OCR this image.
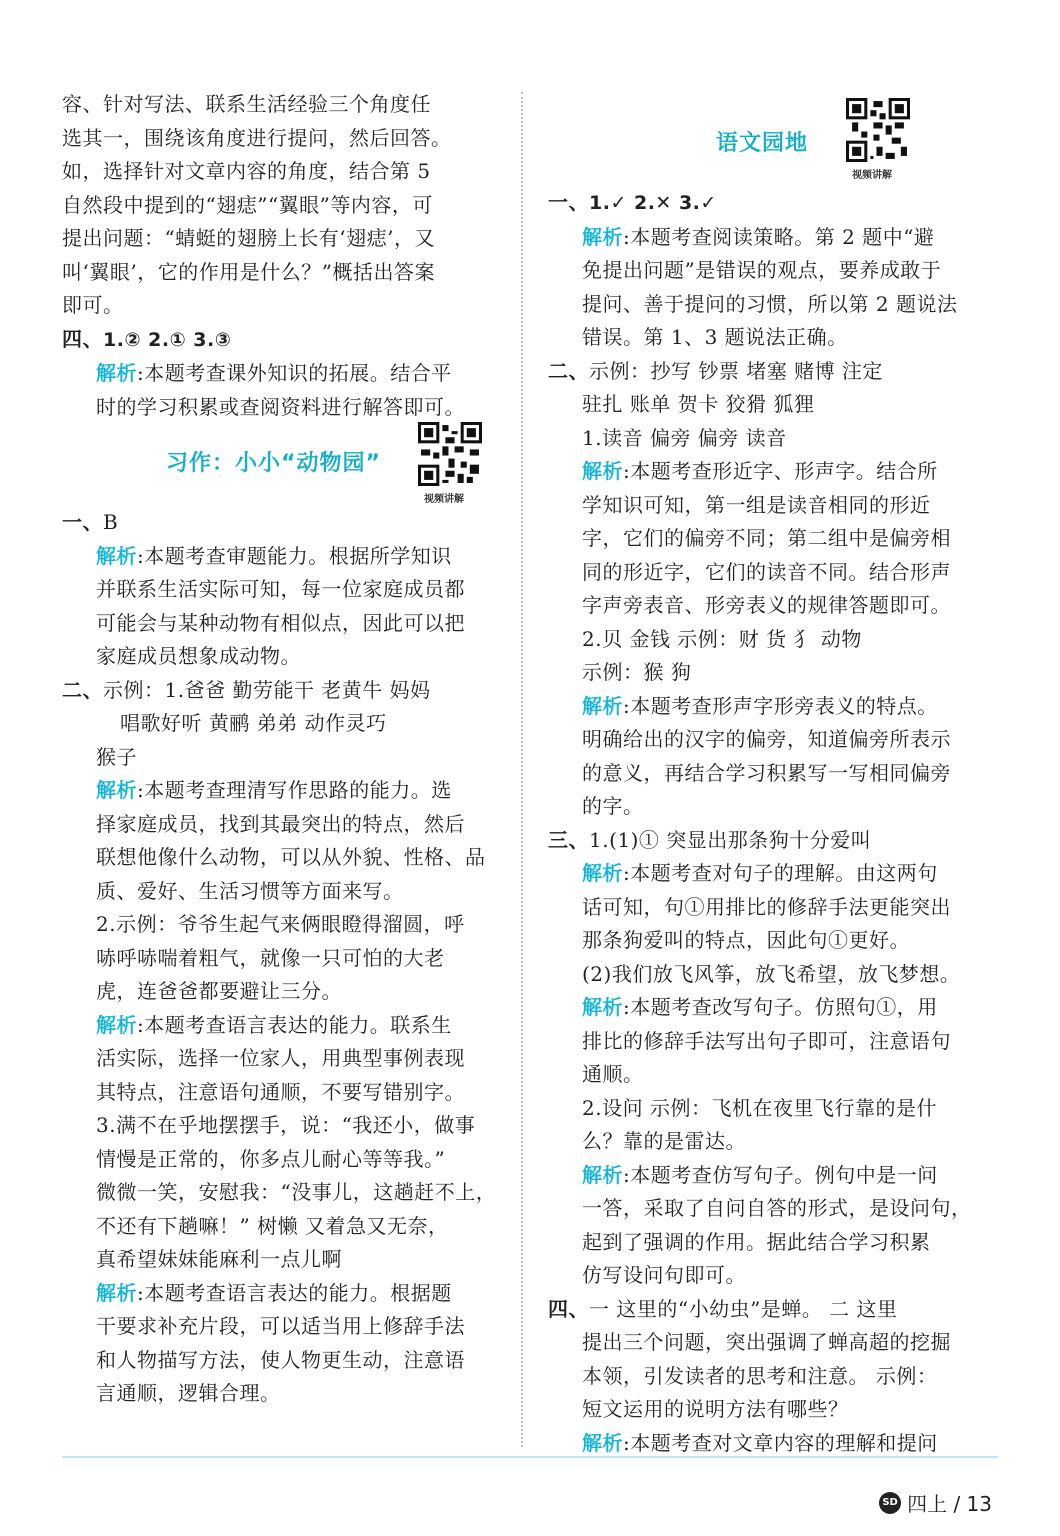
容、针对写法、联系生活经验三个角度任
选其一，围绕该角度进行提问，然后回答。
如，选择针对文章内容的角度，结合第 5
自然段中提到的“翅痣”“翼眼”等内容，可
提出问题：“蜻蜓的翅膀上长有‘翅痣’，又
叫‘翼眼’，它的作用是什么？”概括出答案
即可。
四、1.② 2.① 3.③
解析:本题考查课外知识的拓展。结合平
时的学习积累或查阅资料进行解答即可。
习作：小小“动物园”
视频讲解
一、B
解析:本题考查审题能力。根据所学知识
并联系生活实际可知，每一位家庭成员都
可能会与某种动物有相似点，因此可以把
家庭成员想象成动物。
二、示例：1.爸爸 勤劳能干 老黄牛 妈妈
唱歌好听 黄鹂 弟弟 动作灵巧
猴子
解析:本题考查理清写作思路的能力。选
择家庭成员，找到其最突出的特点，然后
联想他像什么动物，可以从外貌、性格、品
质、爱好、生活习惯等方面来写。
2.示例：爷爷生起气来俩眼瞪得溜圆，呼
哧呼哧喘着粗气，就像一只可怕的大老
虎，连爸爸都要避让三分。
解析:本题考查语言表达的能力。联系生
活实际，选择一位家人，用典型事例表现
其特点，注意语句通顺，不要写错别字。
3.满不在乎地摆摆手，说：“我还小，做事
情慢是正常的，你多点儿耐心等等我。”
微微一笑，安慰我：“没事儿，这趟赶不上，
不还有下趟嘛！” 树懒 又着急又无奈，
真希望妹妹能麻利一点儿啊
解析:本题考查语言表达的能力。根据题
干要求补充片段，可以适当用上修辞手法
和人物描写方法，使人物更生动，注意语
言通顺，逻辑合理。
语文园地
视频讲解
一、1.✓ 2.✕ 3.✓
解析:本题考查阅读策略。第 2 题中“避
免提出问题”是错误的观点，要养成敢于
提问、善于提问的习惯，所以第 2 题说法
错误。第 1、3 题说法正确。
二、示例：抄写 钞票 堵塞 赌博 注定
驻扎 账单 贺卡 狡猾 狐狸
1.读音 偏旁 偏旁 读音
解析:本题考查形近字、形声字。结合所
学知识可知，第一组是读音相同的形近
字，它们的偏旁不同；第二组中是偏旁相
同的形近字，它们的读音不同。结合形声
字声旁表音、形旁表义的规律答题即可。
2.贝 金钱 示例：财 货 犭 动物
示例：猴 狗
解析:本题考查形声字形旁表义的特点。
明确给出的汉字的偏旁，知道偏旁所表示
的意义，再结合学习积累写一写相同偏旁
的字。
三、1.(1)① 突显出那条狗十分爱叫
解析:本题考查对句子的理解。由这两句
话可知，句①用排比的修辞手法更能突出
那条狗爱叫的特点，因此句①更好。
(2)我们放飞风筝，放飞希望，放飞梦想。
解析:本题考查改写句子。仿照句①，用
排比的修辞手法写出句子即可，注意语句
通顺。
2.设问 示例：飞机在夜里飞行靠的是什
么？靠的是雷达。
解析:本题考查仿写句子。例句中是一问
一答，采取了自问自答的形式，是设问句，
起到了强调的作用。据此结合学习积累
仿写设问句即可。
四、一 这里的“小幼虫”是蝉。 二 这里
提出三个问题，突出强调了蝉高超的挖掘
本领，引发读者的思考和注意。 示例：
短文运用的说明方法有哪些？
解析:本题考查对文章内容的理解和提问
SD 四上 / 13
